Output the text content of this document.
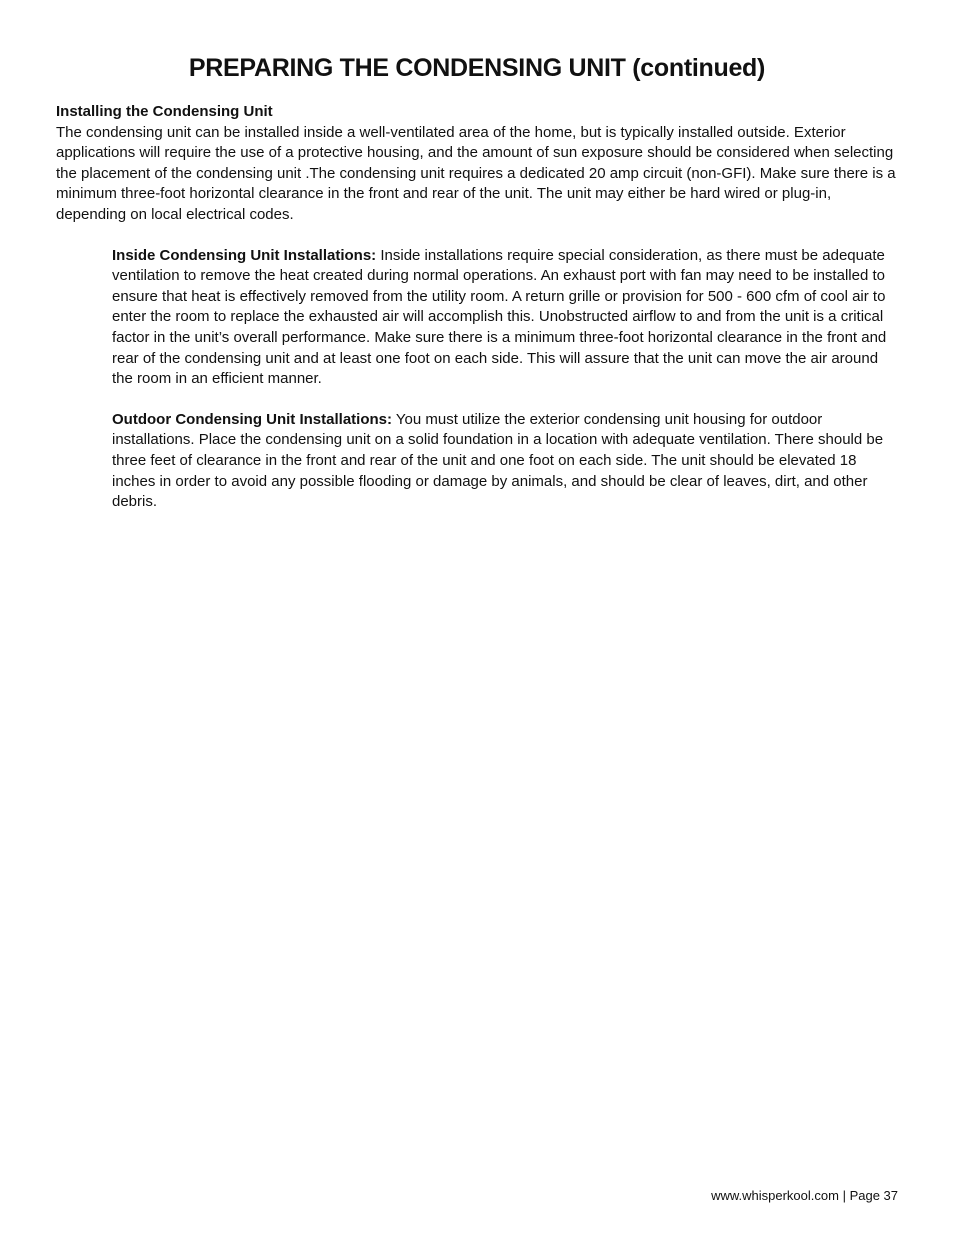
PREPARING THE CONDENSING UNIT (continued)

Installing the Condensing Unit

The condensing unit can be installed inside a well-ventilated area of the home, but is typically installed outside. Exterior applications will require the use of a protective housing, and the amount of sun exposure should be considered when selecting the placement of the condensing unit .The condensing unit requires a dedicated 20 amp circuit (non-GFI). Make sure there is a minimum three-foot horizontal clearance in the front and rear of the unit. The unit may either be hard wired or plug-in, depending on local electrical codes.

Inside Condensing Unit Installations: Inside installations require special consideration, as there must be adequate ventilation to remove the heat created during normal operations. An exhaust port with fan may need to be installed to ensure that heat is effectively removed from the utility room. A return grille or provision for 500 - 600 cfm of cool air to enter the room to replace the exhausted air will accomplish this. Unobstructed airflow to and from the unit is a critical factor in the unit’s overall performance. Make sure there is a minimum three-foot horizontal clearance in the front and rear of the condensing unit and at least one foot on each side. This will assure that the unit can move the air around the room in an efficient manner.

Outdoor Condensing Unit Installations: You must utilize the exterior condensing unit housing for outdoor installations. Place the condensing unit on a solid foundation in a location with adequate ventilation. There should be three feet of clearance in the front and rear of the unit and one foot on each side. The unit should be elevated 18 inches in order to avoid any possible flooding or damage by animals, and should be clear of leaves, dirt, and other debris.

www.whisperkool.com | Page 37
